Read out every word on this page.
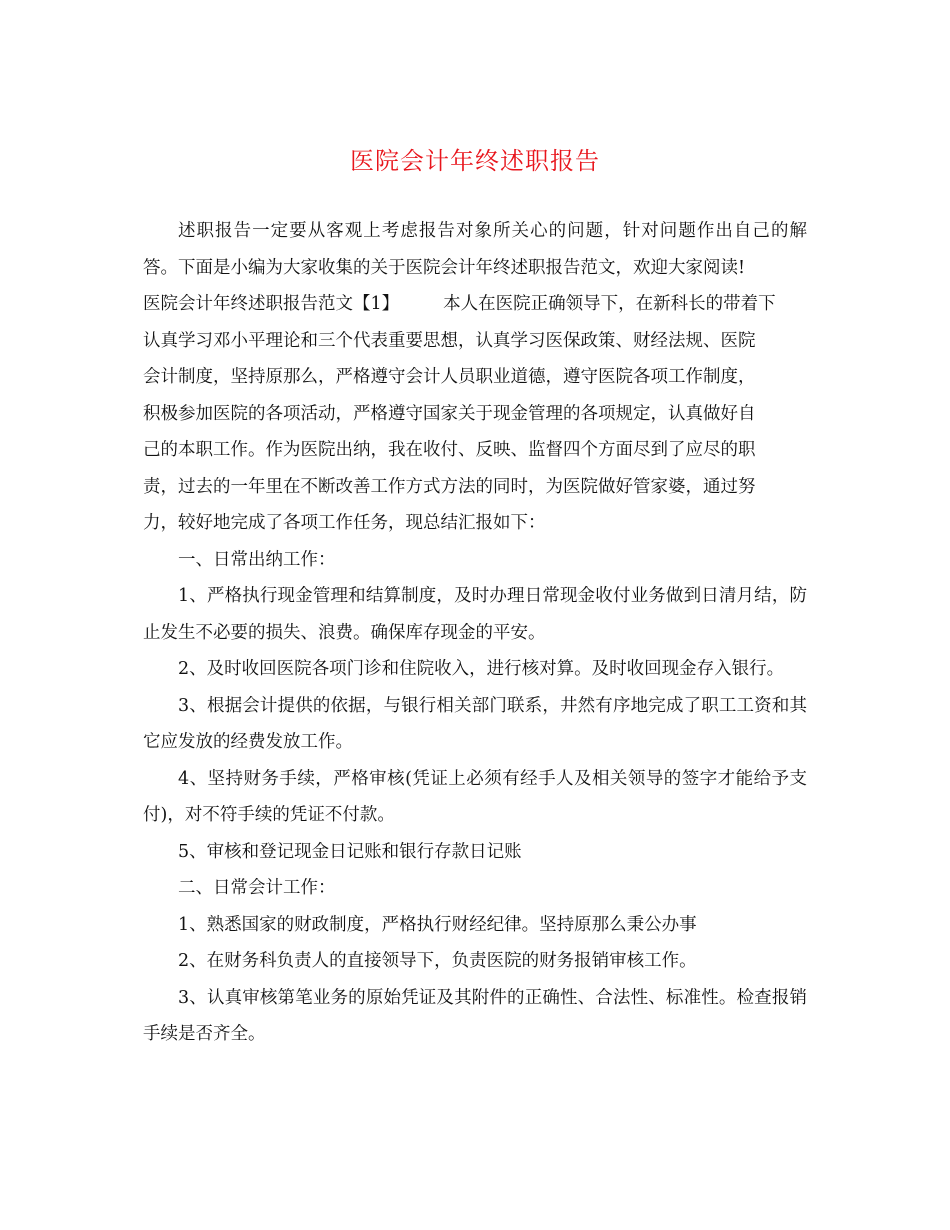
医院会计年终述职报告

述职报告一定要从客观上考虑报告对象所关心的问题，针对问题作出自己的解答。下面是小编为大家收集的关于医院会计年终述职报告范文，欢迎大家阅读!

医院会计年终述职报告范文【1】	本人在医院正确领导下，在新科长的带着下
认真学习邓小平理论和三个代表重要思想，认真学习医保政策、财经法规、医院
会计制度，坚持原那么，严格遵守会计人员职业道德，遵守医院各项工作制度，
积极参加医院的各项活动，严格遵守国家关于现金管理的各项规定，认真做好自
己的本职工作。作为医院出纳，我在收付、反映、监督四个方面尽到了应尽的职
责，过去的一年里在不断改善工作方式方法的同时，为医院做好管家婆，通过努
力，较好地完成了各项工作任务，现总结汇报如下：

一、日常出纳工作：

1、严格执行现金管理和结算制度，及时办理日常现金收付业务做到日清月结，防止发生不必要的损失、浪费。确保库存现金的平安。

2、及时收回医院各项门诊和住院收入，进行核对算。及时收回现金存入银行。

3、根据会计提供的依据，与银行相关部门联系，井然有序地完成了职工工资和其它应发放的经费发放工作。

4、坚持财务手续，严格审核(凭证上必须有经手人及相关领导的签字才能给予支付)，对不符手续的凭证不付款。

5、审核和登记现金日记账和银行存款日记账

二、日常会计工作：

1、熟悉国家的财政制度，严格执行财经纪律。坚持原那么秉公办事

2、在财务科负责人的直接领导下，负责医院的财务报销审核工作。

3、认真审核第笔业务的原始凭证及其附件的正确性、合法性、标准性。检查报销手续是否齐全。
